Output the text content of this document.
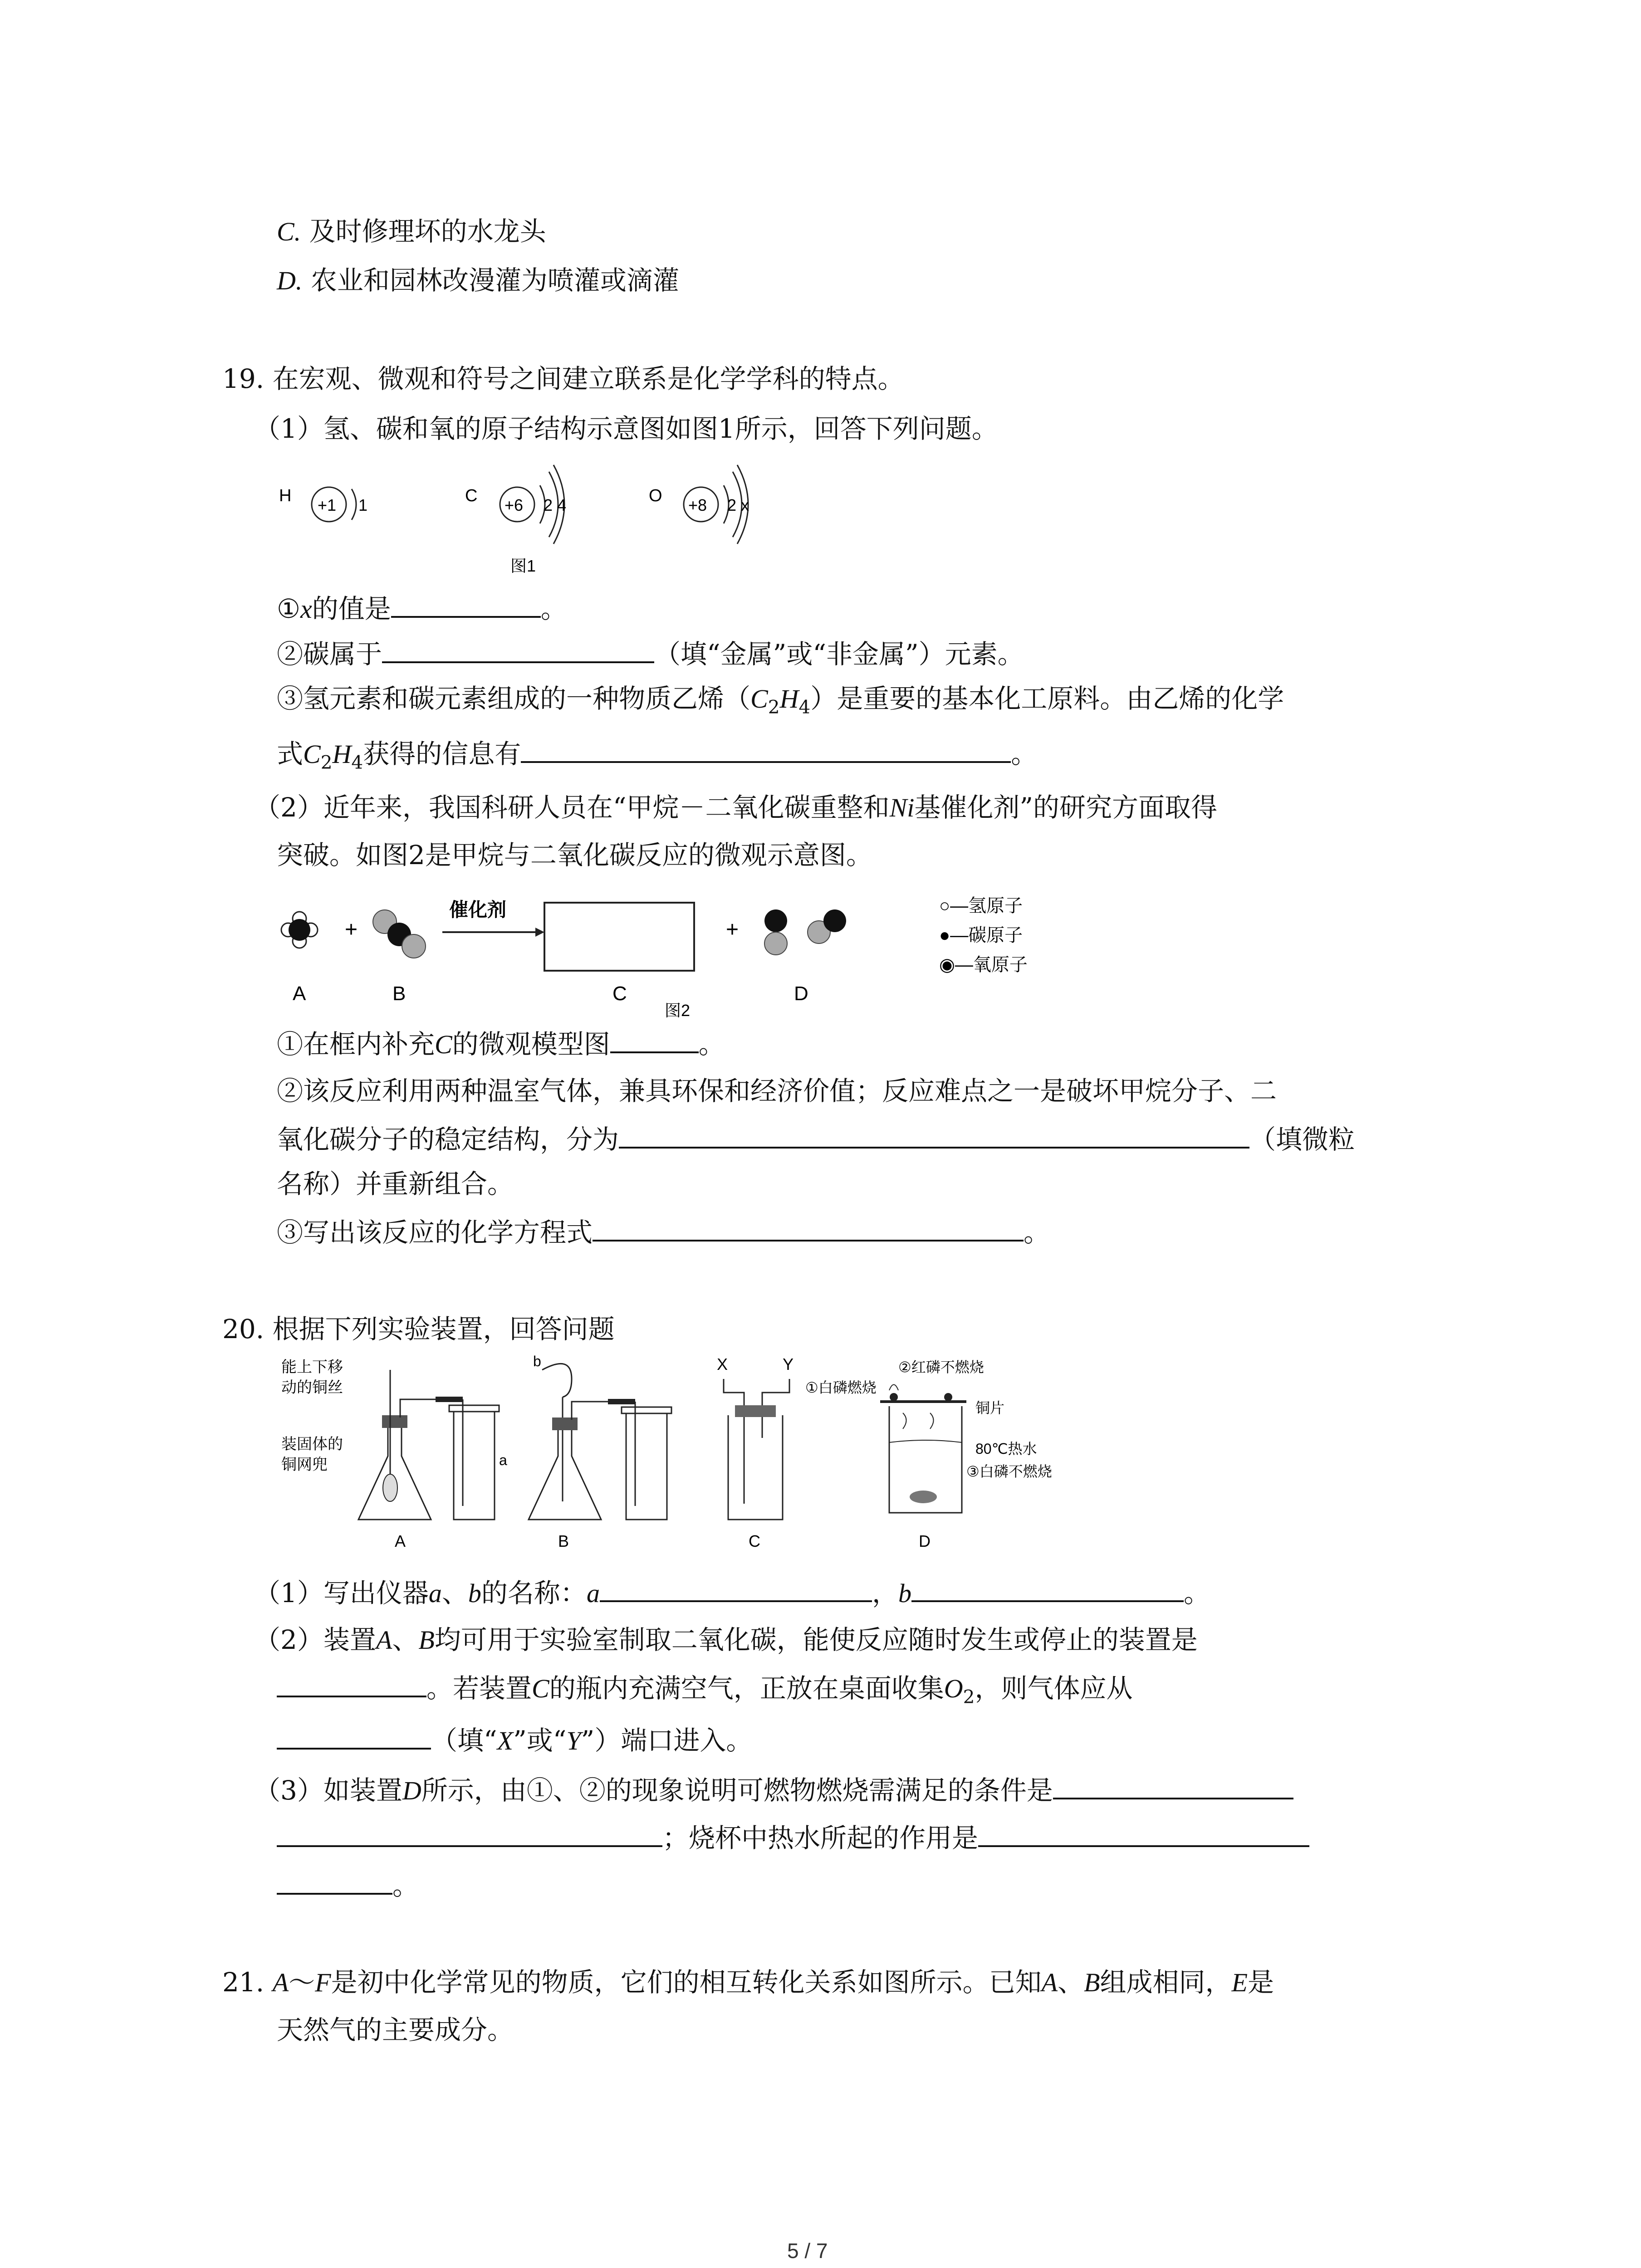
C. 及时修理坏的水龙头
D. 农业和园林改漫灌为喷灌或滴灌
19. 在宏观、微观和符号之间建立联系是化学学科的特点。
（1）氢、碳和氧的原子结构示意图如图1所示，回答下列问题。
H +1 1	C +6 2 4	O +8 2 x
图1
①x的值是	。
②碳属于	（填“金属”或“非金属”）元素。
③氢元素和碳元素组成的一种物质乙烯$(C_2H_4)$是重要的基本化工原料。由乙烯的化学
式$C_2H_4$获得的信息有	。
（2）近年来，我国科研人员在“甲烷－二氧化碳重整和Ni基催化剂”的研究方面取得
突破。如图2是甲烷与二氧化碳反应的微观示意图。
+
催化剂
+
A	B	C	D
○—氢原子
●—碳原子
◉—氧原子
图2
①在框内补充C的微观模型图	。
②该反应利用两种温室气体，兼具环保和经济价值；反应难点之一是破坏甲烷分子、二
氧化碳分子的稳定结构，分为	（填微粒
名称）并重新组合。
③写出该反应的化学方程式	。
20. 根据下列实验装置，回答问题
能上下移
动的铜丝
装固体的
铜网兜	a
A
b
B
X	Y
C
②红磷不燃烧
①白磷燃烧
铜片
80℃热水
③白磷不燃烧
D
（1）写出仪器a、b的名称：a	，b	。
（2）装置A、B均可用于实验室制取二氧化碳，能使反应随时发生或停止的装置是
。若装置C的瓶内充满空气，正放在桌面收集$O_2$，则气体应从
（填“X”或“Y”）端口进入。
（3）如装置D所示，由①、②的现象说明可燃物燃烧需满足的条件是
；烧杯中热水所起的作用是
。
21. A～F是初中化学常见的物质，它们的相互转化关系如图所示。已知A、B组成相同，E是
天然气的主要成分。
5 / 7
